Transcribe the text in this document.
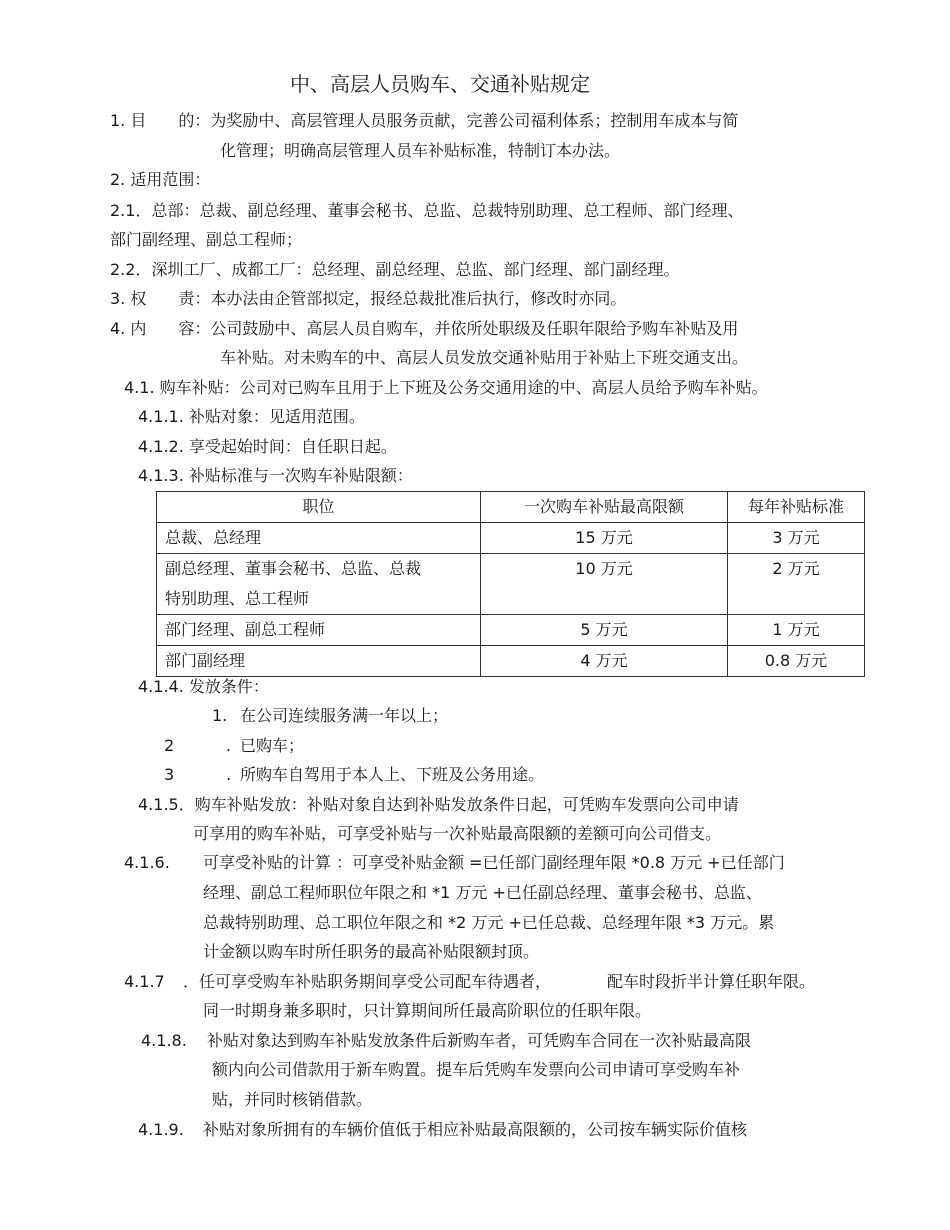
中、高层人员购车、交通补贴规定
1. 目　　的：为奖励中、高层管理人员服务贡献，完善公司福利体系；控制用车成本与简
化管理；明确高层管理人员车补贴标准，特制订本办法。
2. 适用范围：
2.1．总部：总裁、副总经理、董事会秘书、总监、总裁特别助理、总工程师、部门经理、
部门副经理、副总工程师；
2.2．深圳工厂、成都工厂：总经理、副总经理、总监、部门经理、部门副经理。
3. 权　　责：本办法由企管部拟定，报经总裁批准后执行，修改时亦同。
4. 内　　容：公司鼓励中、高层人员自购车，并依所处职级及任职年限给予购车补贴及用
车补贴。对未购车的中、高层人员发放交通补贴用于补贴上下班交通支出。
4.1. 购车补贴：公司对已购车且用于上下班及公务交通用途的中、高层人员给予购车补贴。
4.1.1. 补贴对象：见适用范围。
4.1.2. 享受起始时间：自任职日起。
4.1.3. 补贴标准与一次购车补贴限额：
职位	一次购车补贴最高限额	每年补贴标准
总裁、总经理	15 万元	3 万元

副总经理、董事会秘书、总监、总裁
特别助理、总工程师	10 万元	2 万元
部门经理、副总工程师	5 万元	1 万元
部门副经理	4 万元	0.8 万元
4.1.4. 发放条件：
1. 在公司连续服务满一年以上；
2	. 已购车；
3	. 所购车自驾用于本人上、下班及公务用途。
4.1.5．购车补贴发放：补贴对象自达到补贴发放条件日起，可凭购车发票向公司申请
可享用的购车补贴，可享受补贴与一次补贴最高限额的差额可向公司借支。
4.1.6. 可享受补贴的计算 ：可享受补贴金额 =已任部门副经理年限 *0.8 万元 +已任部门
经理、副总工程师职位年限之和 *1 万元 +已任副总经理、董事会秘书、总监、
总裁特别助理、总工职位年限之和 *2 万元 +已任总裁、总经理年限 *3 万元。累
计金额以购车时所任职务的最高补贴限额封顶。
4.1.7 ．任可享受购车补贴职务期间享受公司配车待遇者，	配车时段折半计算任职年限。
同一时期身兼多职时，只计算期间所任最高阶职位的任职年限。
4.1.8. 补贴对象达到购车补贴发放条件后新购车者，可凭购车合同在一次补贴最高限
额内向公司借款用于新车购置。提车后凭购车发票向公司申请可享受购车补
贴，并同时核销借款。
4.1.9. 补贴对象所拥有的车辆价值低于相应补贴最高限额的，公司按车辆实际价值核
